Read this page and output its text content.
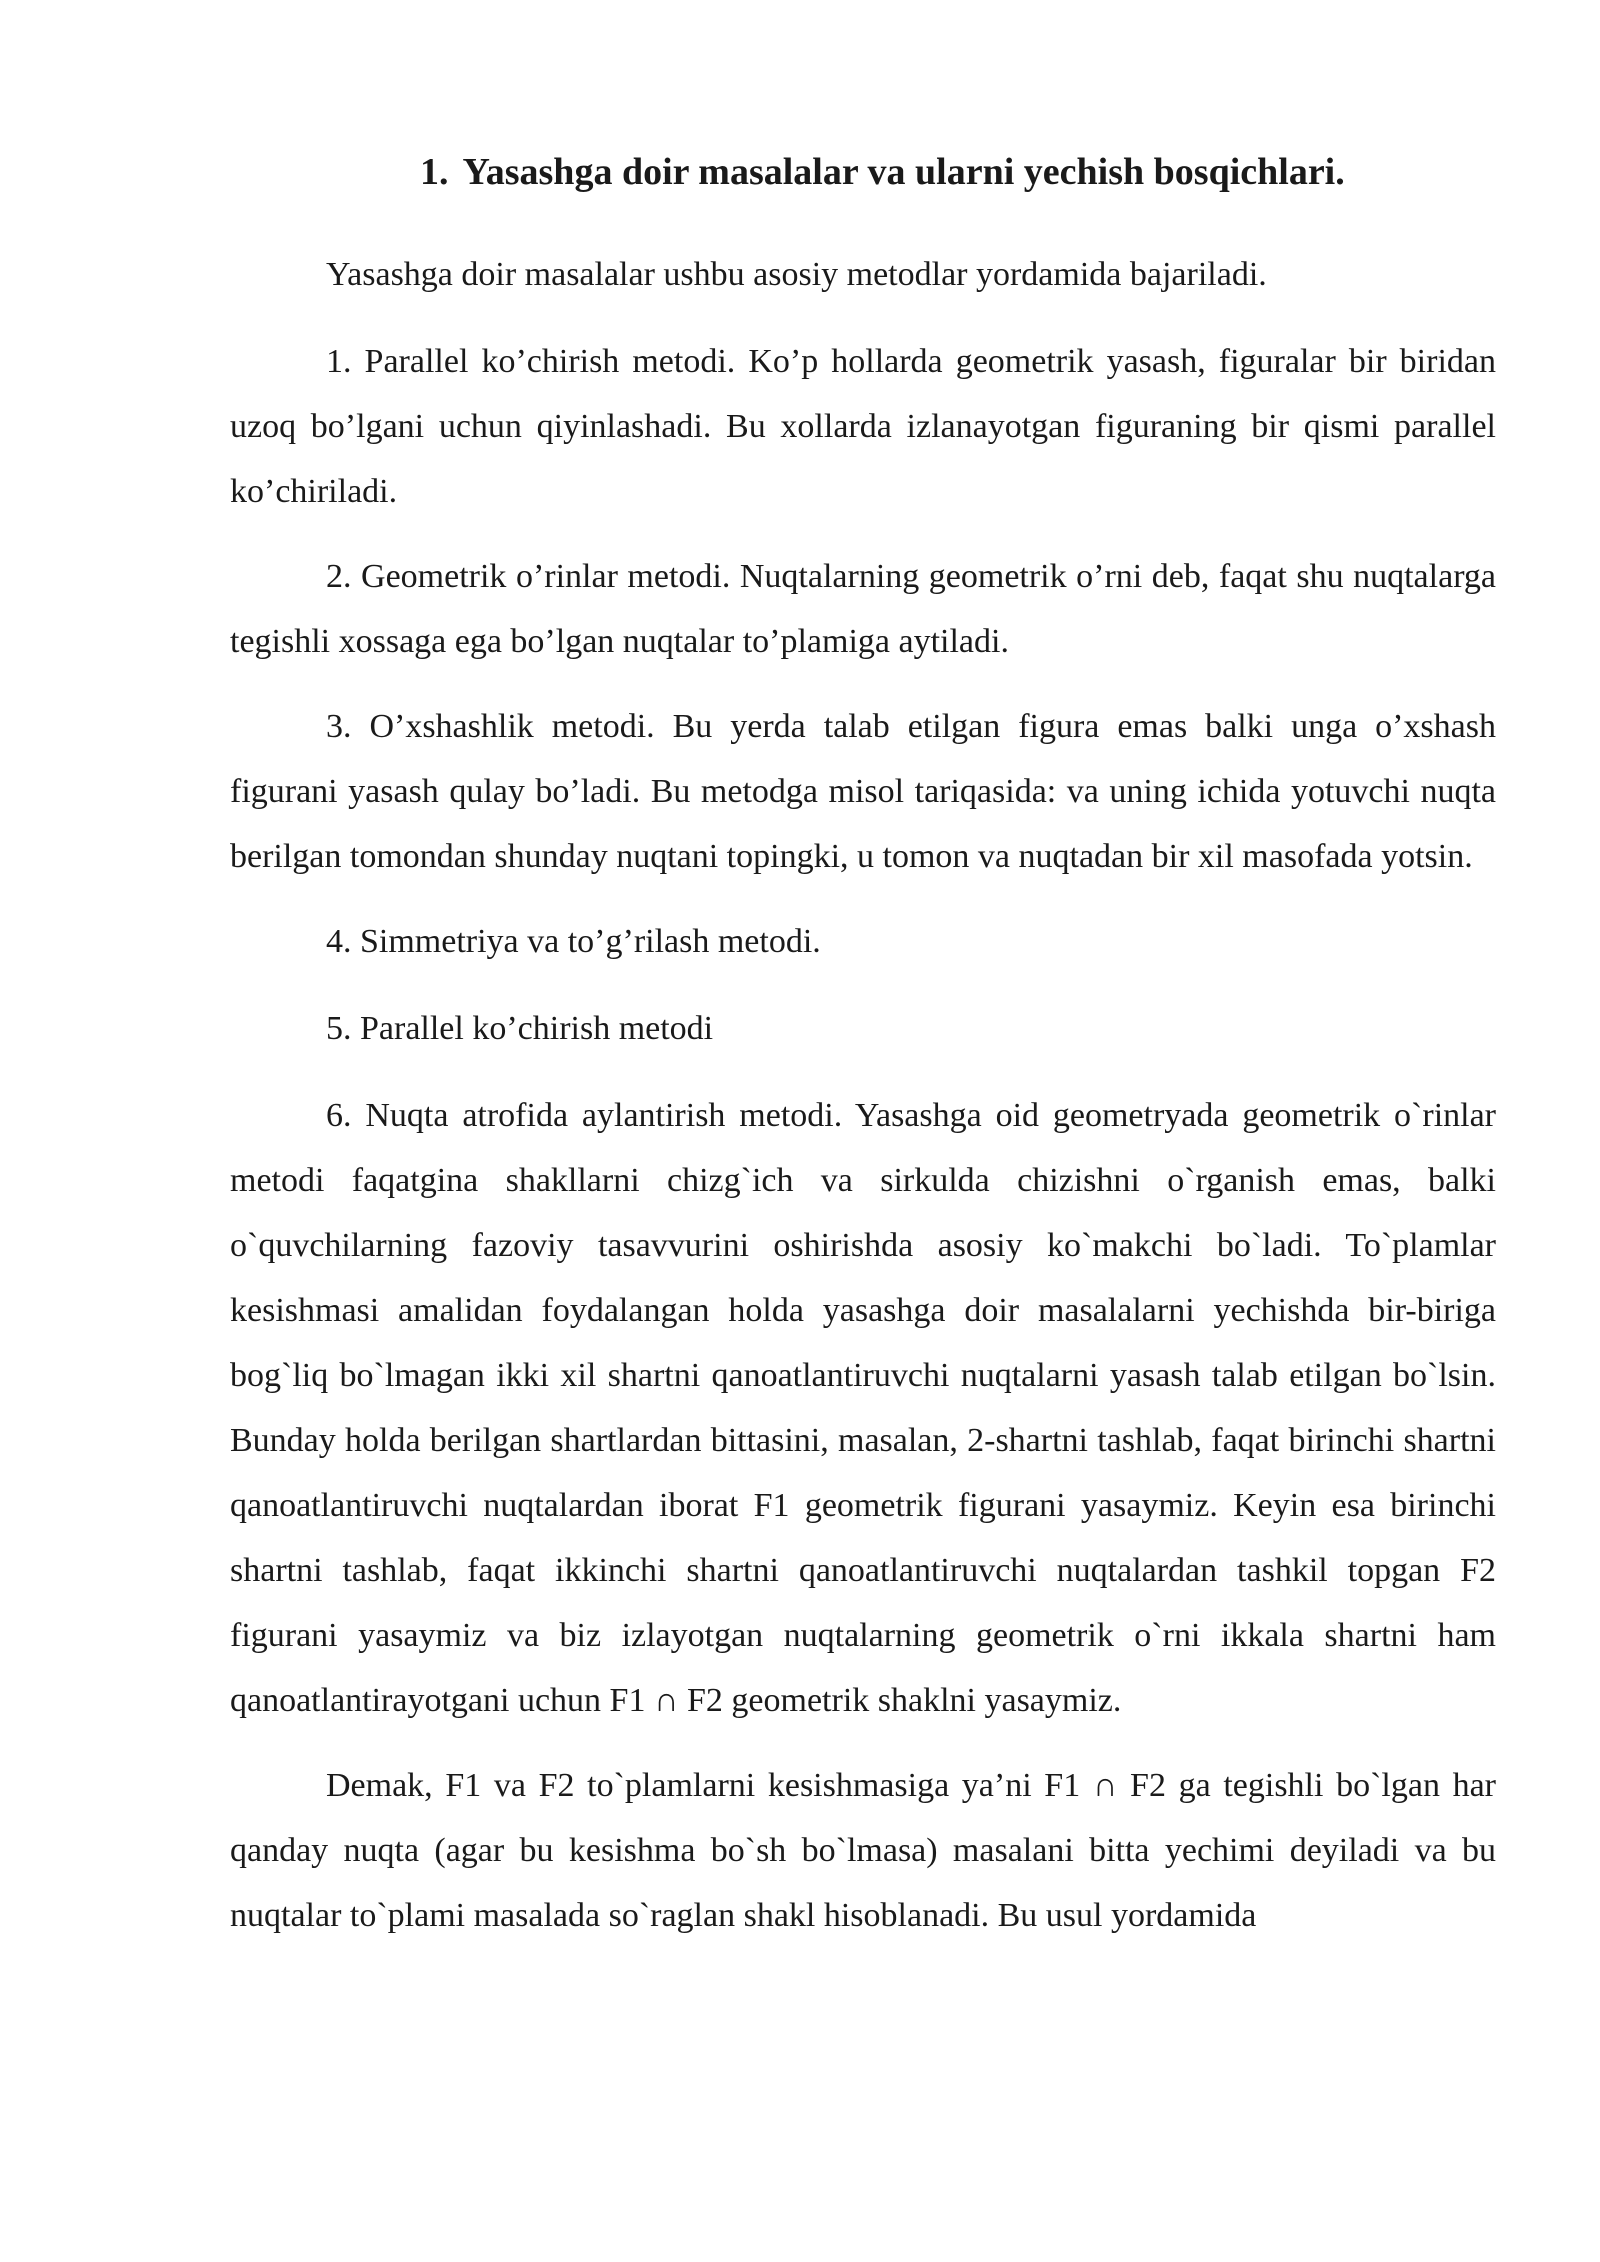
1. Yasashga doir masalalar va ularni yechish bosqichlari.

Yasashga doir masalalar ushbu asosiy metodlar yordamida bajariladi.

1. Parallel ko’chirish metodi. Ko’p hollarda geometrik yasash, figuralar bir biridan uzoq bo’lgani uchun qiyinlashadi. Bu xollarda izlanayotgan figuraning bir qismi parallel ko’chiriladi.

2. Geometrik o’rinlar metodi. Nuqtalarning geometrik o’rni deb, faqat shu nuqtalarga tegishli xossaga ega bo’lgan nuqtalar to’plamiga aytiladi.

3. O’xshashlik metodi. Bu yerda talab etilgan figura emas balki unga o’xshash figurani yasash qulay bo’ladi. Bu metodga misol tariqasida: va uning ichida yotuvchi nuqta berilgan tomondan shunday nuqtani topingki, u tomon va nuqtadan bir xil masofada yotsin.

4. Simmetriya va to’g’rilash metodi.

5. Parallel ko’chirish metodi

6. Nuqta atrofida aylantirish metodi. Yasashga oid geometryada geometrik o`rinlar metodi faqatgina shakllarni chizg`ich va sirkulda chizishni o`rganish emas, balki o`quvchilarning fazoviy tasavvurini oshirishda asosiy ko`makchi bo`ladi. To`plamlar kesishmasi amalidan foydalangan holda yasashga doir masalalarni yechishda bir-biriga bog`liq bo`lmagan ikki xil shartni qanoatlantiruvchi nuqtalarni yasash talab etilgan bo`lsin. Bunday holda berilgan shartlardan bittasini, masalan, 2-shartni tashlab, faqat birinchi shartni qanoatlantiruvchi nuqtalardan iborat F1 geometrik figurani yasaymiz. Keyin esa birinchi shartni tashlab, faqat ikkinchi shartni qanoatlantiruvchi nuqtalardan tashkil topgan F2 figurani yasaymiz va biz izlayotgan nuqtalarning geometrik o`rni ikkala shartni ham qanoatlantirayotgani uchun F1 ∩ F2 geometrik shaklni yasaymiz.

Demak, F1 va F2 to`plamlarni kesishmasiga ya’ni F1 ∩ F2 ga tegishli bo`lgan har qanday nuqta (agar bu kesishma bo`sh bo`lmasa) masalani bitta yechimi deyiladi va bu nuqtalar to`plami masalada so`raglan shakl hisoblanadi. Bu usul yordamida
